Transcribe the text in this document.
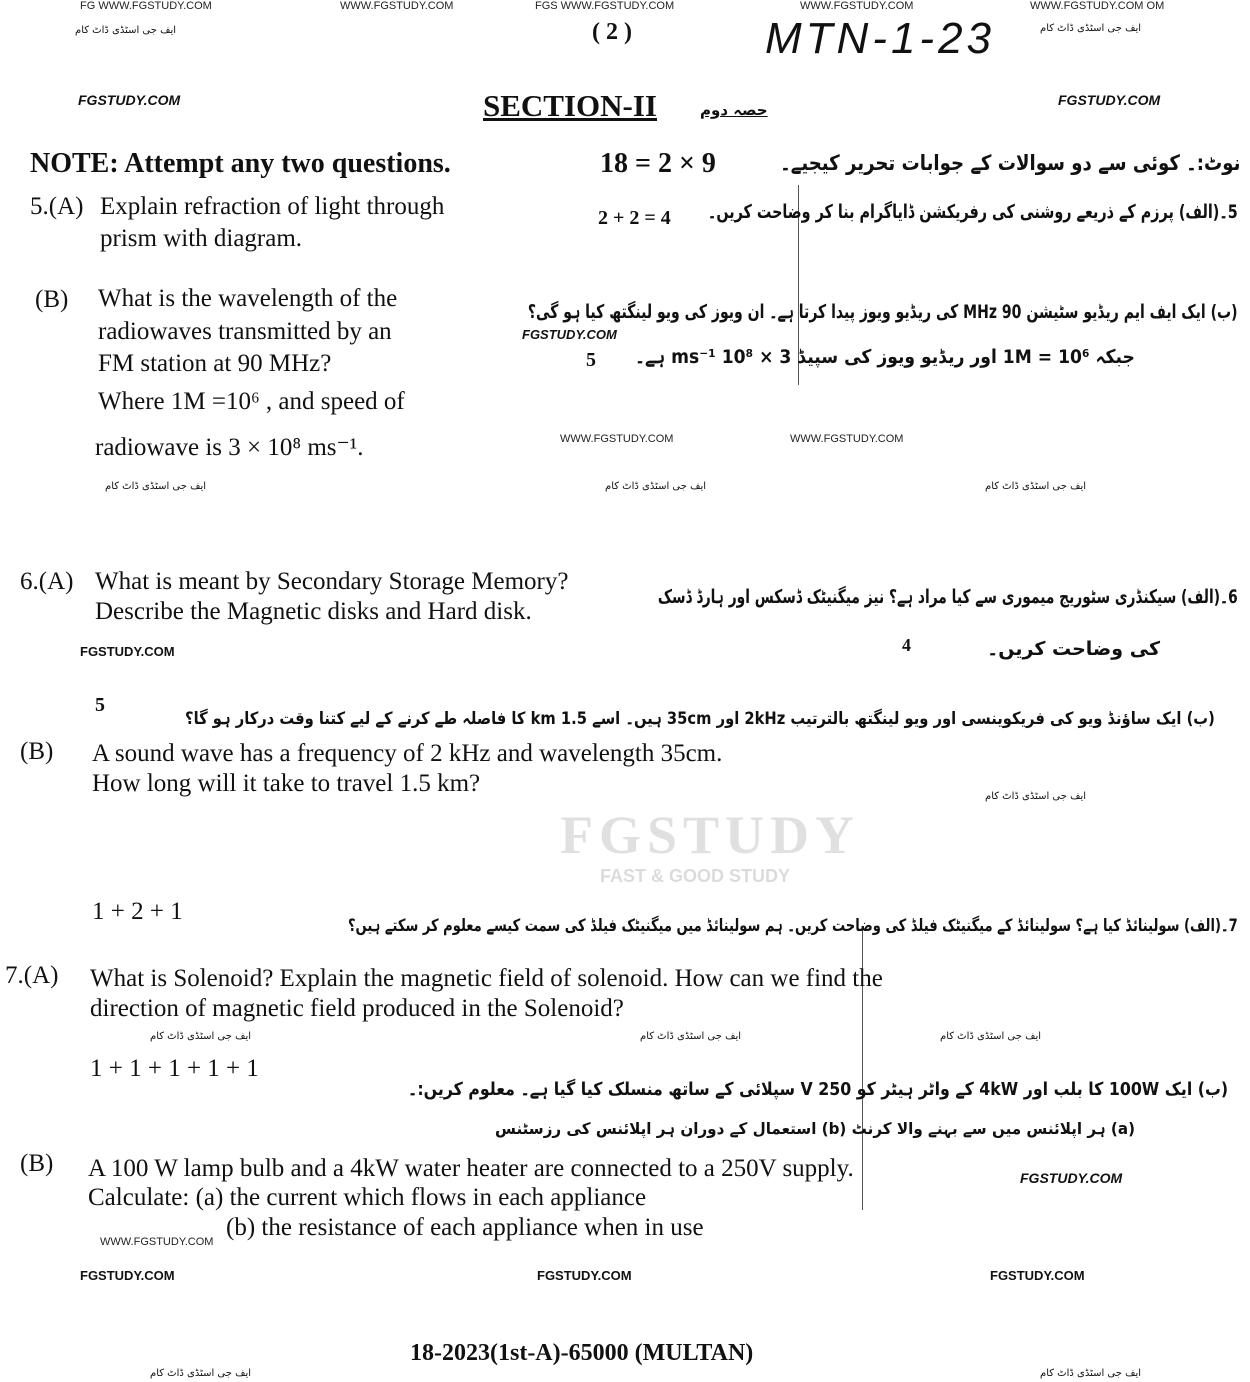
FGSTUDY
FAST & GOOD STUDY
FG WWW.FGSTUDY.COM	WWW.FGSTUDY.COM	FGS WWW.FGSTUDY.COM	WWW.FGSTUDY.COM	WWW.FGSTUDY.COM OM
ایف جی اسٹڈی ڈاٹ کام	ایف جی اسٹڈی ڈاٹ کام
( 2 )	MTN-1-23
FGSTUDY.COM	FGSTUDY.COM
SECTION-II	حصہ دوم
NOTE: Attempt any two questions.	18 = 2 × 9	نوٹ:۔ کوئی سے دو سوالات کے جوابات تحریر کیجیے۔
5.(A) Explain refraction of light through
prism with diagram.
2 + 2 = 4 5۔(الف) پرزم کے ذریعے روشنی کی رفریکشن ڈایاگرام بنا کر وضاحت کریں۔
(B) What is the wavelength of the
radiowaves transmitted by an
FM station at 90 MHz?
Where 1M =10⁶ , and speed of
radiowave is 3 × 10⁸ ms⁻¹.
FGSTUDY.COM
5
(ب) ایک ایف ایم ریڈیو سٹیشن 90 MHz کی ریڈیو ویوز پیدا کرتا ہے۔ ان ویوز کی ویو لینگتھ کیا ہو گی؟
جبکہ 1M = 10⁶ اور ریڈیو ویوز کی سپیڈ 3 × 10⁸ ms⁻¹ ہے۔
WWW.FGSTUDY.COM	WWW.FGSTUDY.COM
ایف جی اسٹڈی ڈاٹ کام	ایف جی اسٹڈی ڈاٹ کام	ایف جی اسٹڈی ڈاٹ کام
6.(A) What is meant by Secondary Storage Memory?
Describe the Magnetic disks and Hard disk.
6۔(الف) سیکنڈری سٹوریج میموری سے کیا مراد ہے؟ نیز میگنیٹک ڈسکس اور ہارڈ ڈسک
کی وضاحت کریں۔
4
FGSTUDY.COM
5
(ب) ایک ساؤنڈ ویو کی فریکوینسی اور ویو لینگتھ بالترتیب 2kHz اور 35cm ہیں۔ اسے 1.5 km کا فاصلہ طے کرنے کے لیے کتنا وقت درکار ہو گا؟
(B) A sound wave has a frequency of 2 kHz and wavelength 35cm.
How long will it take to travel 1.5 km?	ایف جی اسٹڈی ڈاٹ کام
1 + 2 + 1
7۔(الف) سولینائڈ کیا ہے؟ سولینائڈ کے میگنیٹک فیلڈ کی وضاحت کریں۔ ہم سولینائڈ میں میگنیٹک فیلڈ کی سمت کیسے معلوم کر سکتے ہیں؟
7.(A) What is Solenoid? Explain the magnetic field of solenoid. How can we find the
direction of magnetic field produced in the Solenoid?
ایف جی اسٹڈی ڈاٹ کام	ایف جی اسٹڈی ڈاٹ کام	ایف جی اسٹڈی ڈاٹ کام
1 + 1 + 1 + 1 + 1
(ب) ایک 100W کا بلب اور 4kW کے واٹر ہیٹر کو 250 V سپلائی کے ساتھ منسلک کیا گیا ہے۔ معلوم کریں:۔
(a) ہر اپلائنس میں سے بہنے والا کرنٹ (b) استعمال کے دوران ہر اپلائنس کی رزسٹنس
(B) A 100 W lamp bulb and a 4kW water heater are connected to a 250V supply.
Calculate: (a) the current which flows in each appliance
(b) the resistance of each appliance when in use
FGSTUDY.COM
WWW.FGSTUDY.COM
FGSTUDY.COM	FGSTUDY.COM	FGSTUDY.COM
18-2023(1st-A)-65000 (MULTAN)
ایف جی اسٹڈی ڈاٹ کام	ایف جی اسٹڈی ڈاٹ کام
